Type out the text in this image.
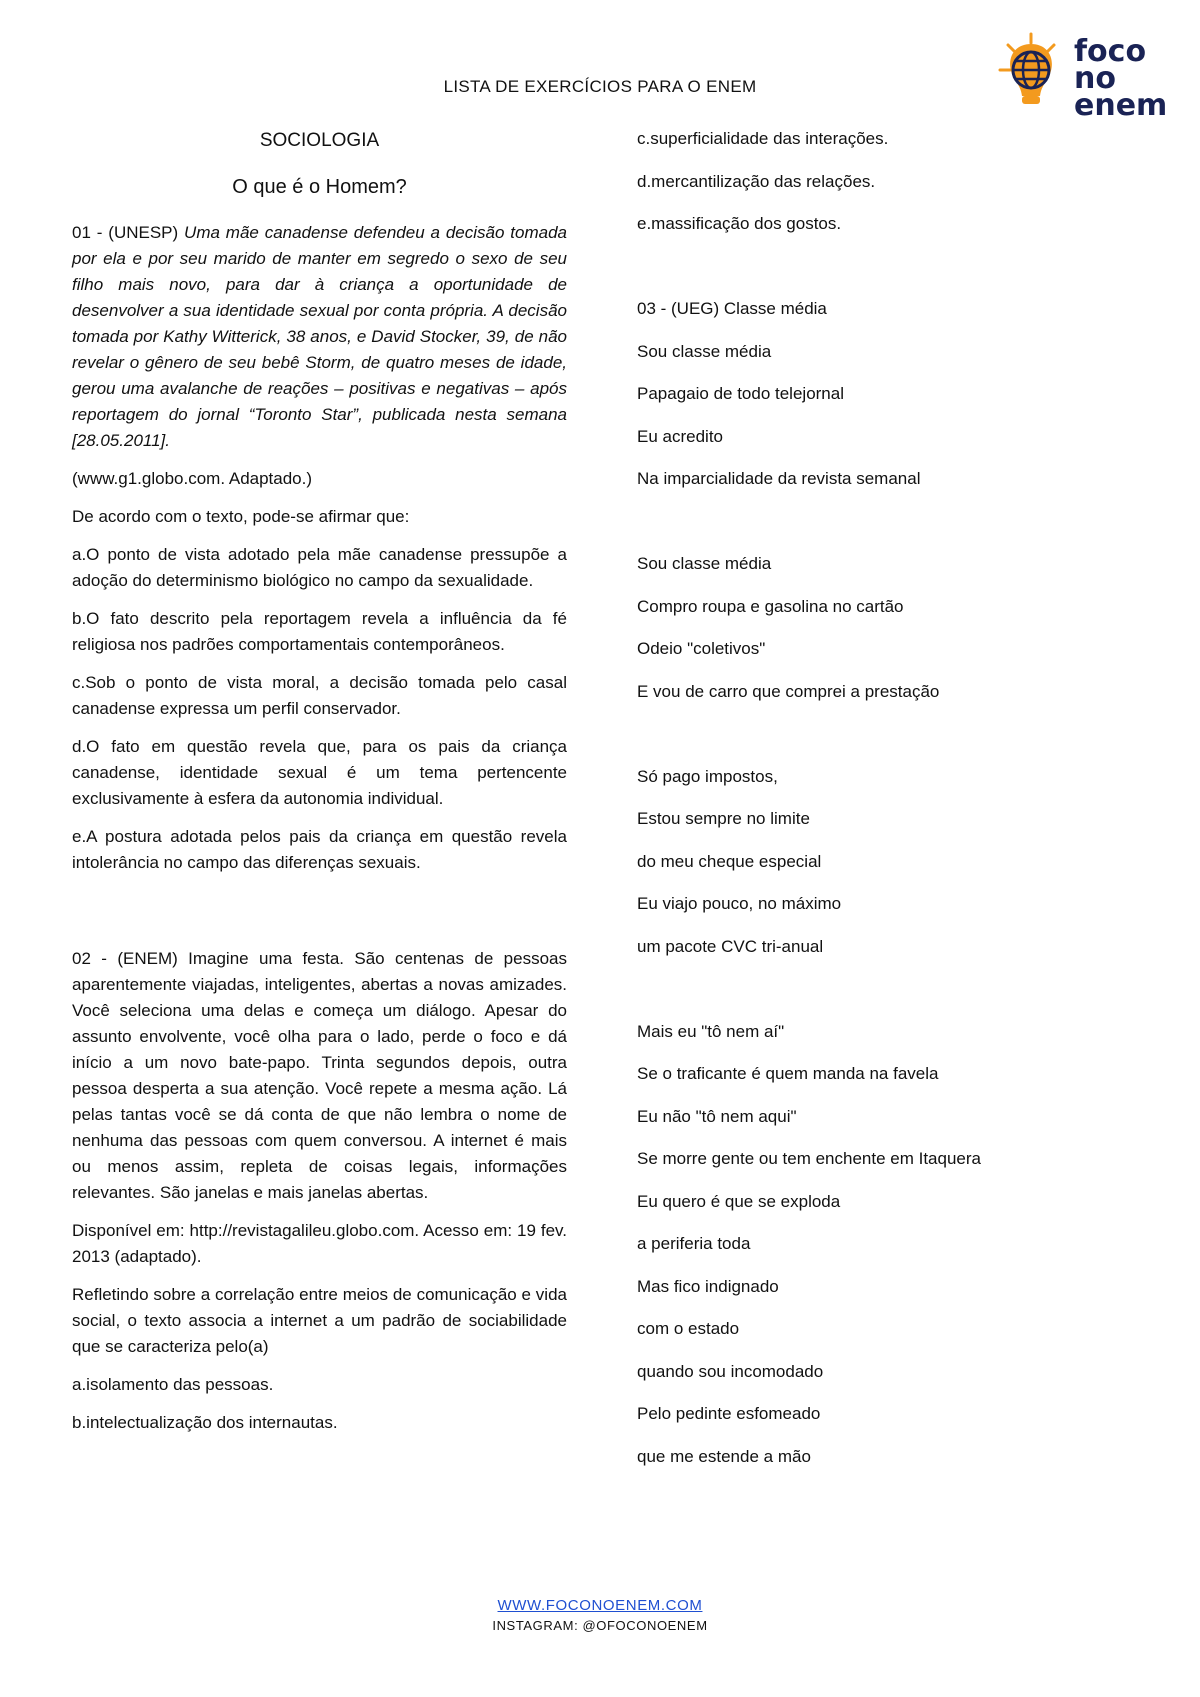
foco
no enem
LISTA DE EXERCÍCIOS PARA O ENEM
SOCIOLOGIA
O que é o Homem?

01 - (UNESP) Uma mãe canadense defendeu a decisão tomada por ela e por seu marido de manter em segredo o sexo de seu filho mais novo, para dar à criança a oportunidade de desenvolver a sua identidade sexual por conta própria. A decisão tomada por Kathy Witterick, 38 anos, e David Stocker, 39, de não revelar o gênero de seu bebê Storm, de quatro meses de idade, gerou uma avalanche de reações – positivas e negativas – após reportagem do jornal “Toronto Star”, publicada nesta semana [28.05.2011].

(www.g1.globo.com. Adaptado.)

De acordo com o texto, pode-se afirmar que:

a.O ponto de vista adotado pela mãe canadense pressupõe a adoção do determinismo biológico no campo da sexualidade.

b.O fato descrito pela reportagem revela a influência da fé religiosa nos padrões comportamentais contemporâneos.

c.Sob o ponto de vista moral, a decisão tomada pelo casal canadense expressa um perfil conservador.

d.O fato em questão revela que, para os pais da criança canadense, identidade sexual é um tema pertencente exclusivamente à esfera da autonomia individual.

e.A postura adotada pelos pais da criança em questão revela intolerância no campo das diferenças sexuais.

02 - (ENEM) Imagine uma festa. São centenas de pessoas aparentemente viajadas, inteligentes, abertas a novas amizades. Você seleciona uma delas e começa um diálogo. Apesar do assunto envolvente, você olha para o lado, perde o foco e dá início a um novo bate-papo. Trinta segundos depois, outra pessoa desperta a sua atenção. Você repete a mesma ação. Lá pelas tantas você se dá conta de que não lembra o nome de nenhuma das pessoas com quem conversou. A internet é mais ou menos assim, repleta de coisas legais, informações relevantes. São janelas e mais janelas abertas.

Disponível em: http://revistagalileu.globo.com. Acesso em: 19 fev. 2013 (adaptado).

Refletindo sobre a correlação entre meios de comunicação e vida social, o texto associa a internet a um padrão de sociabilidade que se caracteriza pelo(a)

a.isolamento das pessoas.

b.intelectualização dos internautas.

c.superficialidade das interações.
d.mercantilização das relações.
e.massificação dos gostos.
03 - (UEG) Classe média
Sou classe média
Papagaio de todo telejornal
Eu acredito
Na imparcialidade da revista semanal
Sou classe média
Compro roupa e gasolina no cartão
Odeio "coletivos"
E vou de carro que comprei a prestação
Só pago impostos,
Estou sempre no limite
do meu cheque especial
Eu viajo pouco, no máximo
um pacote CVC tri-anual
Mais eu "tô nem aí"
Se o traficante é quem manda na favela
Eu não "tô nem aqui"
Se morre gente ou tem enchente em Itaquera
Eu quero é que se exploda
a periferia toda
Mas fico indignado
com o estado
quando sou incomodado
Pelo pedinte esfomeado
que me estende a mão
WWW.FOCONOENEM.COM
INSTAGRAM: @OFOCONOENEM
